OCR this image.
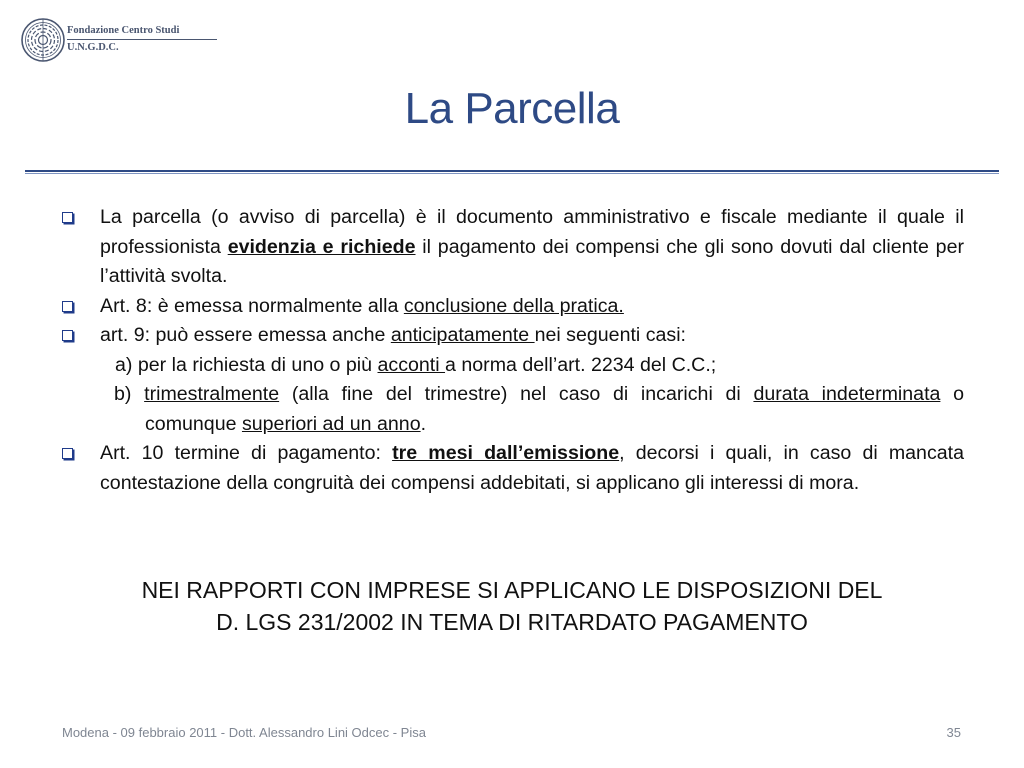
Fondazione Centro Studi
U.N.G.D.C.
La Parcella
La parcella (o avviso di parcella) è il documento amministrativo e fiscale mediante il quale il professionista evidenzia e richiede il pagamento dei compensi che gli sono dovuti dal cliente per l’attività svolta.
Art. 8: è emessa normalmente alla conclusione della pratica.
art. 9: può essere emessa anche anticipatamente nei seguenti casi:
a) per la richiesta di uno o più acconti a norma dell’art. 2234 del C.C.;
b) trimestralmente (alla fine del trimestre) nel caso di incarichi di durata indeterminata o comunque superiori ad un anno.
Art. 10 termine di pagamento: tre mesi dall’emissione, decorsi i quali, in caso di mancata contestazione della congruità dei compensi addebitati, si applicano gli interessi di mora.
NEI RAPPORTI CON IMPRESE SI APPLICANO LE DISPOSIZIONI DEL
D. LGS 231/2002 IN TEMA DI RITARDATO PAGAMENTO
Modena - 09 febbraio 2011 - Dott. Alessandro Lini Odcec - Pisa	35
